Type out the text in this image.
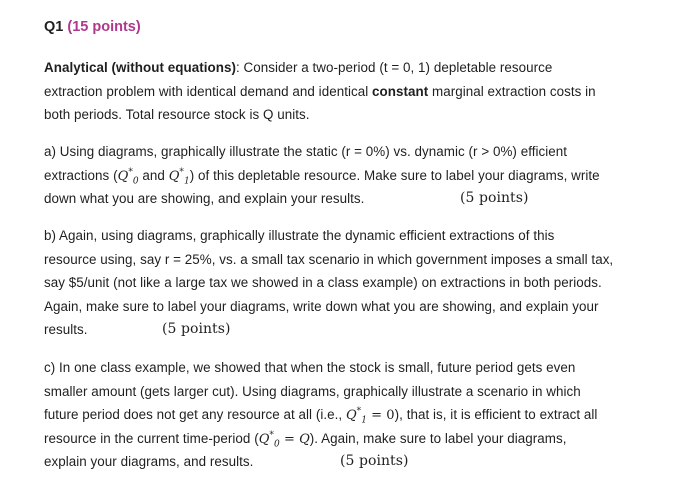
Q1 (15 points)
Analytical (without equations): Consider a two-period (t = 0, 1) depletable resource
extraction problem with identical demand and identical constant marginal extraction costs in
both periods. Total resource stock is Q units.
a) Using diagrams, graphically illustrate the static (r = 0%) vs. dynamic (r > 0%) efficient
extractions ($Q^*_0$ and $Q^*_1$) of this depletable resource. Make sure to label your diagrams, write
down what you are showing, and explain your results.	(5 points)
b) Again, using diagrams, graphically illustrate the dynamic efficient extractions of this
resource using, say r = 25%, vs. a small tax scenario in which government imposes a small tax,
say $5/unit (not like a large tax we showed in a class example) on extractions in both periods.
Again, make sure to label your diagrams, write down what you are showing, and explain your
results.	(5 points)
c) In one class example, we showed that when the stock is small, future period gets even
smaller amount (gets larger cut). Using diagrams, graphically illustrate a scenario in which
future period does not get any resource at all (i.e., $Q^*_1 = 0$), that is, it is efficient to extract all
resource in the current time-period $(Q^*_0 = Q)$. Again, make sure to label your diagrams,
explain your diagrams, and results.	(5 points)
